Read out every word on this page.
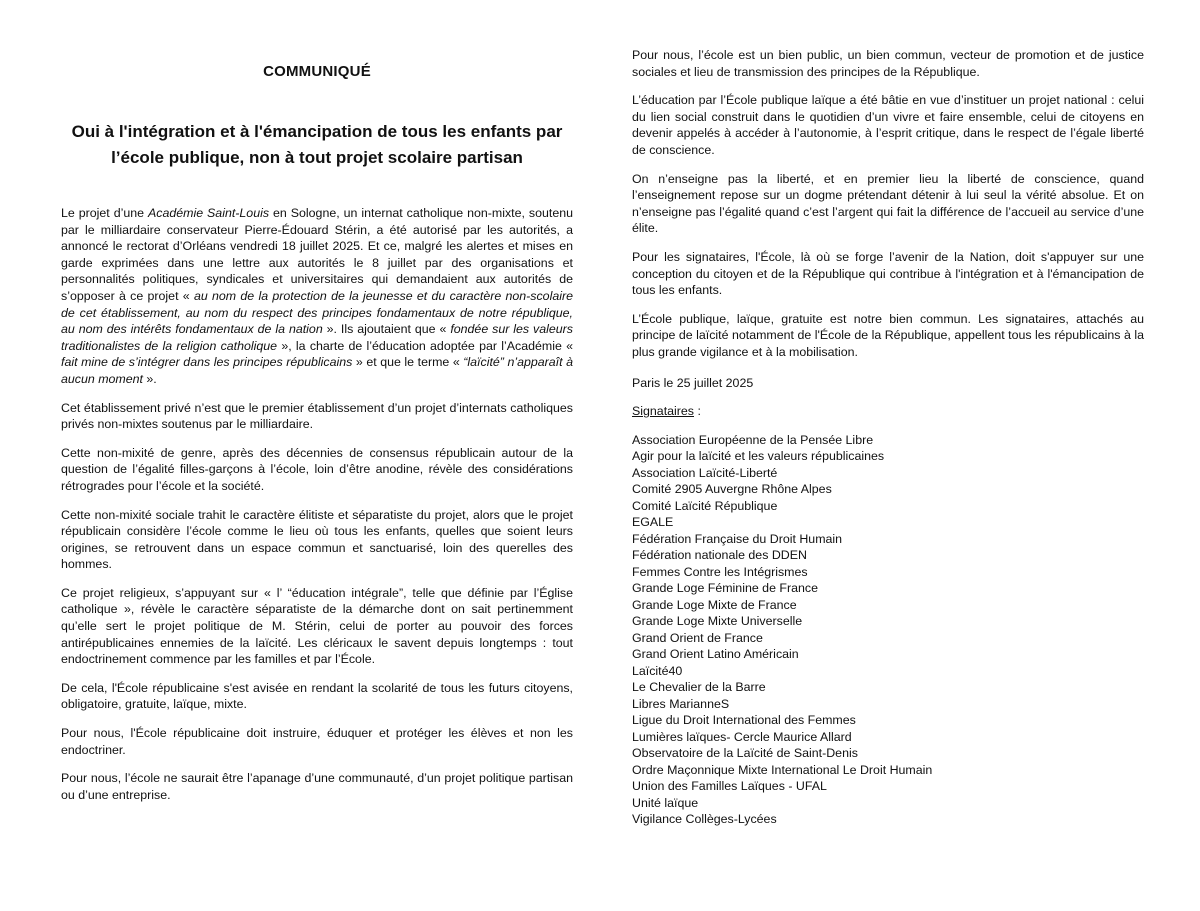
COMMUNIQUÉ
Oui à l'intégration et à l'émancipation de tous les enfants par
l’école publique, non à tout projet scolaire partisan

Le projet d’une Académie Saint-Louis en Sologne, un internat catholique non-mixte, soutenu par le milliardaire conservateur Pierre-Édouard Stérin, a été autorisé par les autorités, a annoncé le rectorat d’Orléans vendredi 18 juillet 2025. Et ce, malgré les alertes et mises en garde exprimées dans une lettre aux autorités le 8 juillet par des organisations et personnalités politiques, syndicales et universitaires qui demandaient aux autorités de s’opposer à ce projet « au nom de la protection de la jeunesse et du caractère non-scolaire de cet établissement, au nom du respect des principes fondamentaux de notre république, au nom des intérêts fondamentaux de la nation ». Ils ajoutaient que « fondée sur les valeurs traditionalistes de la religion catholique », la charte de l’éducation adoptée par l’Académie « fait mine de s’intégrer dans les principes républicains » et que le terme « “laïcité” n’apparaît à aucun moment ».

Cet établissement privé n’est que le premier établissement d’un projet d’internats catholiques privés non-mixtes soutenus par le milliardaire.

Cette non-mixité de genre, après des décennies de consensus républicain autour de la question de l’égalité filles-garçons à l’école, loin d’être anodine, révèle des considérations rétrogrades pour l’école et la société.

Cette non-mixité sociale trahit le caractère élitiste et séparatiste du projet, alors que le projet républicain considère l’école comme le lieu où tous les enfants, quelles que soient leurs origines, se retrouvent dans un espace commun et sanctuarisé, loin des querelles des hommes.

Ce projet religieux, s’appuyant sur « l’ “éducation intégrale”, telle que définie par l’Église catholique », révèle le caractère séparatiste de la démarche dont on sait pertinemment qu’elle sert le projet politique de M. Stérin, celui de porter au pouvoir des forces antirépublicaines ennemies de la laïcité. Les cléricaux le savent depuis longtemps : tout endoctrinement commence par les familles et par l’École.

De cela, l'École républicaine s'est avisée en rendant la scolarité de tous les futurs citoyens, obligatoire, gratuite, laïque, mixte.

Pour nous, l'École républicaine doit instruire, éduquer et protéger les élèves et non les endoctriner.

Pour nous, l’école ne saurait être l’apanage d’une communauté, d’un projet politique partisan ou d’une entreprise.

Pour nous, l’école est un bien public, un bien commun, vecteur de promotion et de justice sociales et lieu de transmission des principes de la République.

L’éducation par l’École publique laïque a été bâtie en vue d’instituer un projet national : celui du lien social construit dans le quotidien d’un vivre et faire ensemble, celui de citoyens en devenir appelés à accéder à l’autonomie, à l’esprit critique, dans le respect de l’égale liberté de conscience.

On n’enseigne pas la liberté, et en premier lieu la liberté de conscience, quand l’enseignement repose sur un dogme prétendant détenir à lui seul la vérité absolue. Et on n’enseigne pas l’égalité quand c’est l’argent qui fait la différence de l’accueil au service d’une élite.

Pour les signataires, l'École, là où se forge l’avenir de la Nation, doit s'appuyer sur une conception du citoyen et de la République qui contribue à l'intégration et à l'émancipation de tous les enfants.

L’École publique, laïque, gratuite est notre bien commun. Les signataires, attachés au principe de laïcité notamment de l'École de la République, appellent tous les républicains à la plus grande vigilance et à la mobilisation.

Paris le 25 juillet 2025
Signataires :
Association Européenne de la Pensée Libre
Agir pour la laïcité et les valeurs républicaines
Association Laïcité-Liberté
Comité 2905 Auvergne Rhône Alpes
Comité Laïcité République
EGALE
Fédération Française du Droit Humain
Fédération nationale des DDEN
Femmes Contre les Intégrismes
Grande Loge Féminine de France
Grande Loge Mixte de France
Grande Loge Mixte Universelle
Grand Orient de France
Grand Orient Latino Américain
Laïcité40
Le Chevalier de la Barre
Libres MarianneS
Ligue du Droit International des Femmes
Lumières laïques- Cercle Maurice Allard
Observatoire de la Laïcité de Saint-Denis
Ordre Maçonnique Mixte International Le Droit Humain
Union des Familles Laïques - UFAL
Unité laïque
Vigilance Collèges-Lycées
